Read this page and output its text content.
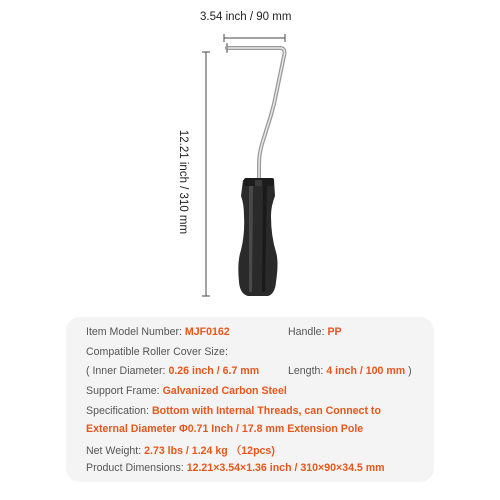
3.54 inch / 90 mm
12.21 inch / 310 mm
Item Model Number: MJF0162	Handle: PP
Compatible Roller Cover Size:
( Inner Diameter: 0.26 inch / 6.7 mm	Length: 4 inch / 100 mm )
Support Frame: Galvanized Carbon Steel
Specification: Bottom with Internal Threads, can Connect to
External Diameter Φ0.71 Inch / 17.8 mm Extension Pole
Net Weight: 2.73 lbs / 1.24 kg （12pcs)
Product Dimensions: 12.21×3.54×1.36 inch / 310×90×34.5 mm
